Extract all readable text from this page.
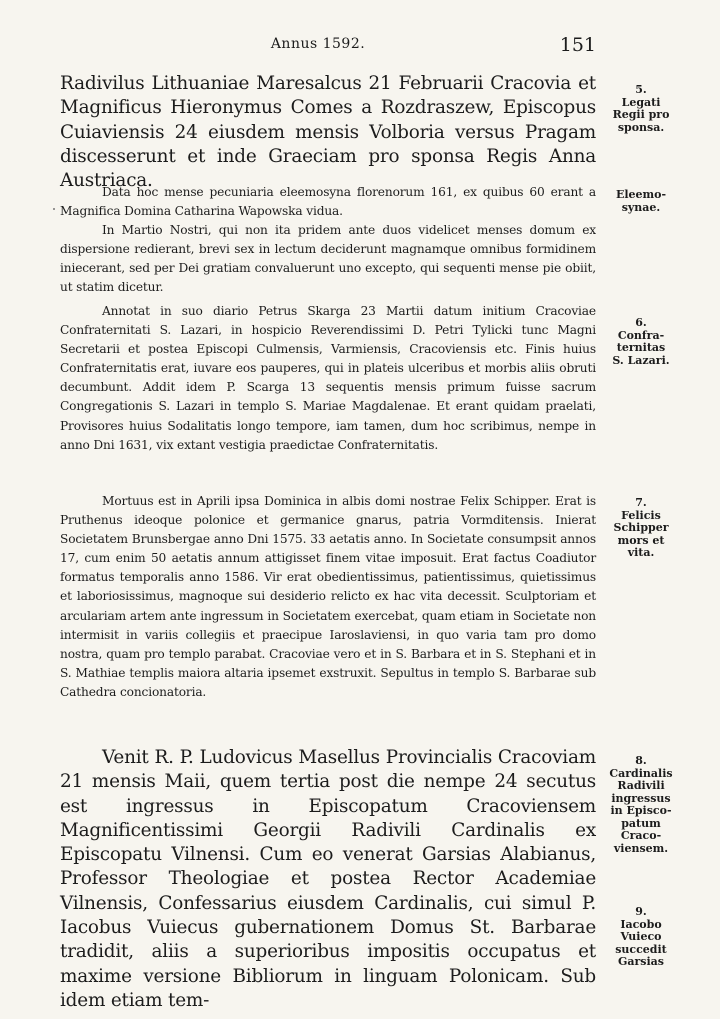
Annus 1592.	151

Radivilus Lithuaniae Maresalcus 21 Februarii Cracovia et Magnificus Hieronymus Comes a Rozdraszew, Episcopus Cuiaviensis 24 eiusdem mensis Volboria versus Pragam discesserunt et inde Graeciam pro sponsa Regis Anna Austriaca.

Data hoc mense pecuniaria eleemosyna florenorum 161, ex quibus 60 erant a Magnifica Domina Catharina Wapowska vidua.

In Martio Nostri, qui non ita pridem ante duos videlicet menses domum ex dispersione redierant, brevi sex in lectum deciderunt magnamque omnibus formidinem iniecerant, sed per Dei gratiam convaluerunt uno excepto, qui sequenti mense pie obiit, ut statim dicetur.

Annotat in suo diario Petrus Skarga 23 Martii datum initium Cracoviae Confraternitati S. Lazari, in hospicio Reverendissimi D. Petri Tylicki tunc Magni Secretarii et postea Episcopi Culmensis, Varmiensis, Cracoviensis etc. Finis huius Confraternitatis erat, iuvare eos pauperes, qui in plateis ulceribus et morbis aliis obruti decumbunt. Addit idem P. Scarga 13 sequentis mensis primum fuisse sacrum Congregationis S. Lazari in templo S. Mariae Magdalenae. Et erant quidam praelati, Provisores huius Sodalitatis longo tempore, iam tamen, dum hoc scribimus, nempe in anno Dni 1631, vix extant vestigia praedictae Confraternitatis.

Mortuus est in Aprili ipsa Dominica in albis domi nostrae Felix Schipper. Erat is Pruthenus ideoque polonice et germanice gnarus, patria Vormditensis. Inierat Societatem Brunsbergae anno Dni 1575. 33 aetatis anno. In Societate consumpsit annos 17, cum enim 50 aetatis annum attigisset finem vitae imposuit. Erat factus Coadiutor formatus temporalis anno 1586. Vir erat obedientissimus, patientissimus, quietissimus et laboriosissimus, magnoque sui desiderio relicto ex hac vita decessit. Sculptoriam et arculariam artem ante ingressum in Societatem exercebat, quam etiam in Societate non intermisit in variis collegiis et praecipue Iaroslaviensi, in quo varia tam pro domo nostra, quam pro templo parabat. Cracoviae vero et in S. Barbara et in S. Stephani et in S. Mathiae templis maiora altaria ipsemet exstruxit. Sepultus in templo S. Barbarae sub Cathedra concionatoria.

Venit R. P. Ludovicus Masellus Provincialis Cracoviam 21 mensis Maii, quem tertia post die nempe 24 secutus est ingressus in Episcopatum Cracoviensem Magnificentissimi Georgii Radivili Cardinalis ex Episcopatu Vilnensi. Cum eo venerat Garsias Alabianus, Professor Theologiae et postea Rector Academiae Vilnensis, Confessarius eiusdem Cardinalis, cui simul P. Iacobus Vuiecus gubernationem Domus St. Barbarae tradidit, aliis a superioribus impositis occupatus et maxime versione Bibliorum in linguam Polonicam. Sub idem etiam tem-

5.
Legati
Regii pro
sponsa.
Eleemo-
synae.
6.
Confra-
ternitas
S. Lazari.
7.
Felicis
Schipper
mors et
vita.
8.
Cardinalis
Radivili
ingressus
in Episco-
patum
Craco-
viensem.
9.
Iacobo
Vuieco
succedit
Garsias
